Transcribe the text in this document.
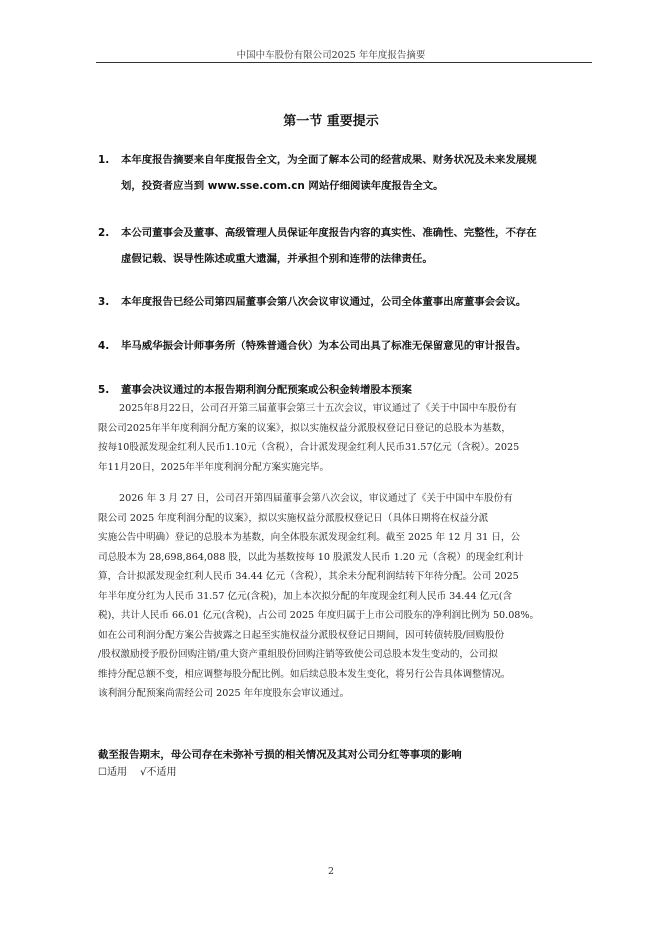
中国中车股份有限公司2025 年年度报告摘要
第一节 重要提示
1. 本年度报告摘要来自年度报告全文，为全面了解本公司的经营成果、财务状况及未来发展规
划，投资者应当到 www.sse.com.cn 网站仔细阅读年度报告全文。
2. 本公司董事会及董事、高级管理人员保证年度报告内容的真实性、准确性、完整性，不存在
虚假记载、误导性陈述或重大遗漏，并承担个别和连带的法律责任。
3. 本年度报告已经公司第四届董事会第八次会议审议通过，公司全体董事出席董事会会议。
4. 毕马威华振会计师事务所（特殊普通合伙）为本公司出具了标准无保留意见的审计报告。
5. 董事会决议通过的本报告期利润分配预案或公积金转增股本预案
2025年8月22日，公司召开第三届董事会第三十五次会议，审议通过了《关于中国中车股份有
限公司2025年半年度利润分配方案的议案》，拟以实施权益分派股权登记日登记的总股本为基数，
按每10股派发现金红利人民币1.10元（含税），合计派发现金红利人民币31.57亿元（含税）。2025
年11月20日，2025年半年度利润分配方案实施完毕。
2026 年 3 月 27 日，公司召开第四届董事会第八次会议，审议通过了《关于中国中车股份有
限公司 2025 年度利润分配的议案》，拟以实施权益分派股权登记日（具体日期将在权益分派
实施公告中明确）登记的总股本为基数，向全体股东派发现金红利。截至 2025 年 12 月 31 日，公
司总股本为 28,698,864,088 股，以此为基数按每 10 股派发人民币 1.20 元（含税）的现金红利计
算，合计拟派发现金红利人民币 34.44 亿元（含税），其余未分配利润结转下年待分配。公司 2025
年半年度分红为人民币 31.57 亿元(含税)，加上本次拟分配的年度现金红利人民币 34.44 亿元(含
税)，共计人民币 66.01 亿元(含税)，占公司 2025 年度归属于上市公司股东的净利润比例为 50.08%。
如在公司利润分配方案公告披露之日起至实施权益分派股权登记日期间，因可转债转股/回购股份
/股权激励授予股份回购注销/重大资产重组股份回购注销等致使公司总股本发生变动的，公司拟
维持分配总额不变，相应调整每股分配比例。如后续总股本发生变化，将另行公告具体调整情况。
该利润分配预案尚需经公司 2025 年年度股东会审议通过。
截至报告期末，母公司存在未弥补亏损的相关情况及其对公司分红等事项的影响
☐适用 √不适用
2
